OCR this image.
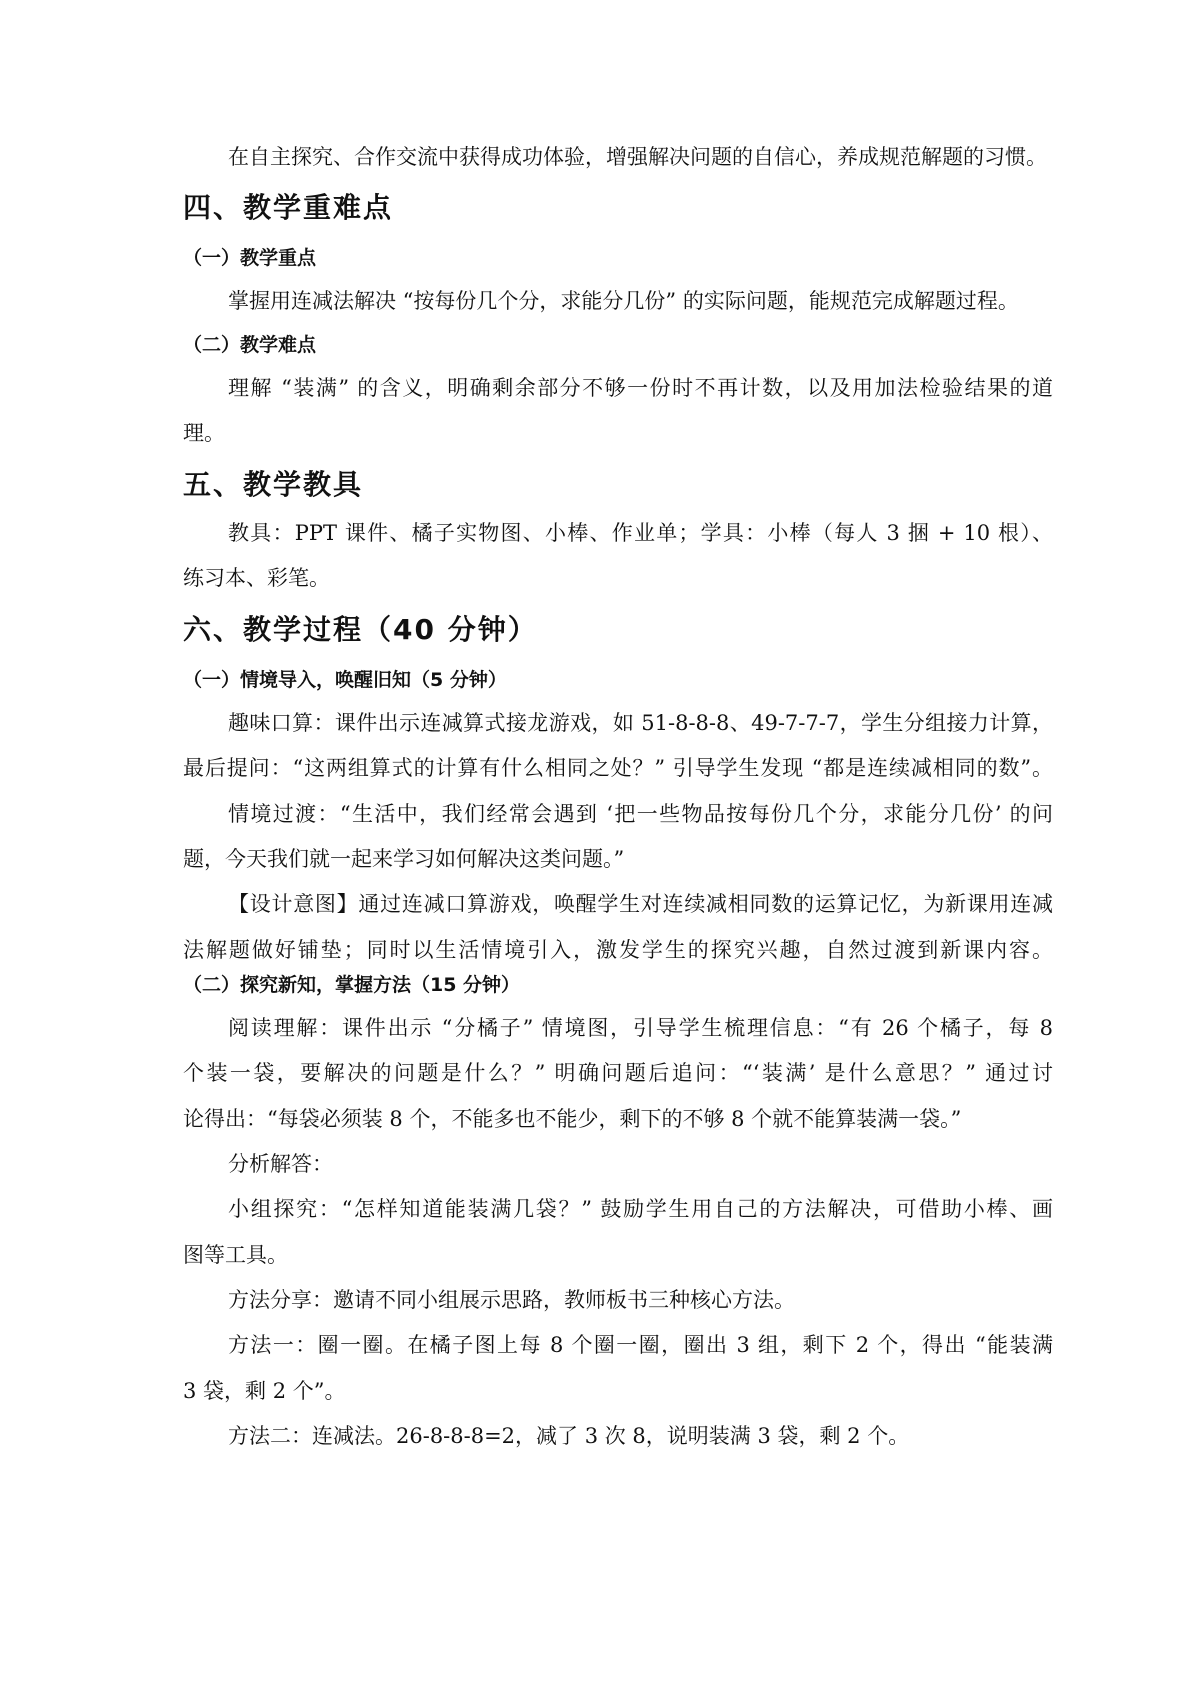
在自主探究、合作交流中获得成功体验，增强解决问题的自信心，养成规范解题的习惯。

四、教学重难点
（一）教学重点

掌握用连减法解决 “按每份几个分，求能分几份” 的实际问题，能规范完成解题过程。

（二）教学难点

理解 “装满” 的含义，明确剩余部分不够一份时不再计数，以及用加法检验结果的道

理。

五、教学教具

教具：PPT 课件、橘子实物图、小棒、作业单；学具：小棒（每人 3 捆 + 10 根）、

练习本、彩笔。

六、教学过程（40 分钟）
（一）情境导入，唤醒旧知（5 分钟）

趣味口算：课件出示连减算式接龙游戏，如 51-8-8-8、49-7-7-7，学生分组接力计算，

最后提问：“这两组算式的计算有什么相同之处？” 引导学生发现 “都是连续减相同的数”。

情境过渡：“生活中，我们经常会遇到 ‘把一些物品按每份几个分，求能分几份’ 的问

题，今天我们就一起来学习如何解决这类问题。”

【设计意图】通过连减口算游戏，唤醒学生对连续减相同数的运算记忆，为新课用连减

法解题做好铺垫；同时以生活情境引入，激发学生的探究兴趣，自然过渡到新课内容。

（二）探究新知，掌握方法（15 分钟）

阅读理解：课件出示 “分橘子” 情境图，引导学生梳理信息：“有 26 个橘子，每 8

个装一袋，要解决的问题是什么？” 明确问题后追问：“‘装满’ 是什么意思？” 通过讨

论得出：“每袋必须装 8 个，不能多也不能少，剩下的不够 8 个就不能算装满一袋。”

分析解答：

小组探究：“怎样知道能装满几袋？” 鼓励学生用自己的方法解决，可借助小棒、画

图等工具。

方法分享：邀请不同小组展示思路，教师板书三种核心方法。

方法一：圈一圈。在橘子图上每 8 个圈一圈，圈出 3 组，剩下 2 个，得出 “能装满

3 袋，剩 2 个”。

方法二：连减法。26-8-8-8=2，减了 3 次 8，说明装满 3 袋，剩 2 个。
